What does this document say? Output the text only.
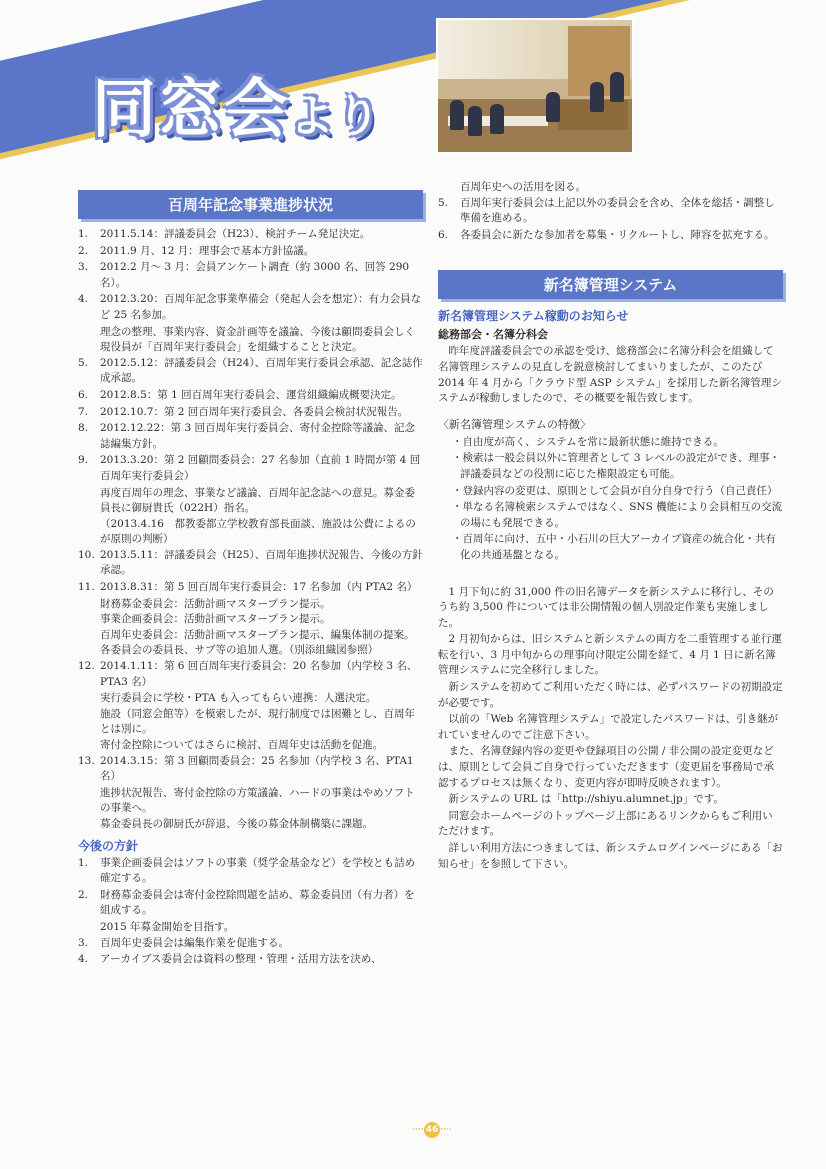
同窓会より
百周年記念事業進捗状況
1.	2011.5.14：評議委員会（H23）、検討チーム発足決定。
2.	2011.9 月、12 月：理事会で基本方針協議。
3.	2012.2 月～ 3 月：会員アンケート調査（約 3000 名、回答 290 名）。
4.	2012.3.20：百周年記念事業準備会（発起人会を想定）：有力会員など 25 名参加。
理念の整理、事業内容、資金計画等を議論、今後は顧問委員会しく現役員が「百周年実行委員会」を組織することと決定。
5.	2012.5.12：評議委員会（H24）、百周年実行委員会承認、記念誌作成承認。
6.	2012.8.5：第 1 回百周年実行委員会、運営組織編成概要決定。
7.	2012.10.7：第 2 回百周年実行委員会、各委員会検討状況報告。
8.	2012.12.22：第 3 回百周年実行委員会、寄付金控除等議論、記念誌編集方針。
9.	2013.3.20：第 2 回顧問委員会：27 名参加（直前 1 時間が第 4 回百周年実行委員会）
再度百周年の理念、事業など議論、百周年記念誌への意見。募金委員長に御厨貴氏（022H）指名。
（2013.4.16　都教委都立学校教育部長面談、施設は公費によるのが原則の判断）
10. 2013.5.11：評議委員会（H25）、百周年進捗状況報告、今後の方針承認。
11. 2013.8.31：第 5 回百周年実行委員会：17 名参加（内 PTA2 名）
財務募金委員会：活動計画マスタープラン提示。
事業企画委員会：活動計画マスタープラン提示。
百周年史委員会：活動計画マスタープラン提示、編集体制の提案。
各委員会の委員長、サブ等の追加人選。（別添組織図参照）
12. 2014.1.11：第 6 回百周年実行委員会：20 名参加（内学校 3 名、PTA3 名）
実行委員会に学校・PTA も入ってもらい連携：人選決定。
施設（同窓会館等）を模索したが、現行制度では困難とし、百周年とは別に。
寄付金控除についてはさらに検討、百周年史は活動を促進。
13. 2014.3.15：第 3 回顧問委員会：25 名参加（内学校 3 名、PTA1 名）
進捗状況報告、寄付金控除の方策議論、ハードの事業はやめソフトの事業へ。
募金委員長の御厨氏が辞退、今後の募金体制構築に課題。
今後の方針
1.	事業企画委員会はソフトの事業（奨学金基金など）を学校とも詰め確定する。
2.	財務募金委員会は寄付金控除問題を詰め、募金委員団（有力者）を組成する。
2015 年募金開始を目指す。
3.	百周年史委員会は編集作業を促進する。
4.	アーカイブス委員会は資料の整理・管理・活用方法を決め、
百周年史への活用を図る。
5.	百周年実行委員会は上記以外の委員会を含め、全体を総括・調整し準備を進める。
6.	各委員会に新たな参加者を募集・リクルートし、陣容を拡充する。
新名簿管理システム
新名簿管理システム稼動のお知らせ
総務部会・名簿分科会

昨年度評議委員会での承認を受け、総務部会に名簿分科会を組織して名簿管理システムの見直しを鋭意検討してまいりましたが、このたび 2014 年 4 月から「クラウド型 ASP システム」を採用した新名簿管理システムが稼動しましたので、その概要を報告致します。

〈新名簿管理システムの特徴〉
・自由度が高く、システムを常に最新状態に維持できる。
・検索は一般会員以外に管理者として 3 レベルの設定ができ、理事・評議委員などの役割に応じた権限設定も可能。
・登録内容の変更は、原則として会員が自分自身で行う（自己責任）
・単なる名簿検索システムではなく、SNS 機能により会員相互の交流の場にも発展できる。
・百周年に向け、五中・小石川の巨大アーカイブ資産の統合化・共有化の共通基盤となる。

1 月下旬に約 31,000 件の旧名簿データを新システムに移行し、そのうち約 3,500 件については非公開情報の個人別設定作業も実施しました。

2 月初旬からは、旧システムと新システムの両方を二重管理する並行運転を行い、3 月中旬からの理事向け限定公開を経て、4 月 1 日に新名簿管理システムに完全移行しました。

新システムを初めてご利用いただく時には、必ずパスワードの初期設定が必要です。

以前の「Web 名簿管理システム」で設定したパスワードは、引き継がれていませんのでご注意下さい。

また、名簿登録内容の変更や登録項目の公開 / 非公開の設定変更などは、原則として会員ご自身で行っていただきます（変更届を事務局で承認するプロセスは無くなり、変更内容が即時反映されます）。

新システムの URL は「http://shiyu.alumnet.jp」です。

同窓会ホームページのトップページ上部にあるリンクからもご利用いただけます。

詳しい利用方法につきましては、新システムログインページにある「お知らせ」を参照して下さい。

···· 46 ····
